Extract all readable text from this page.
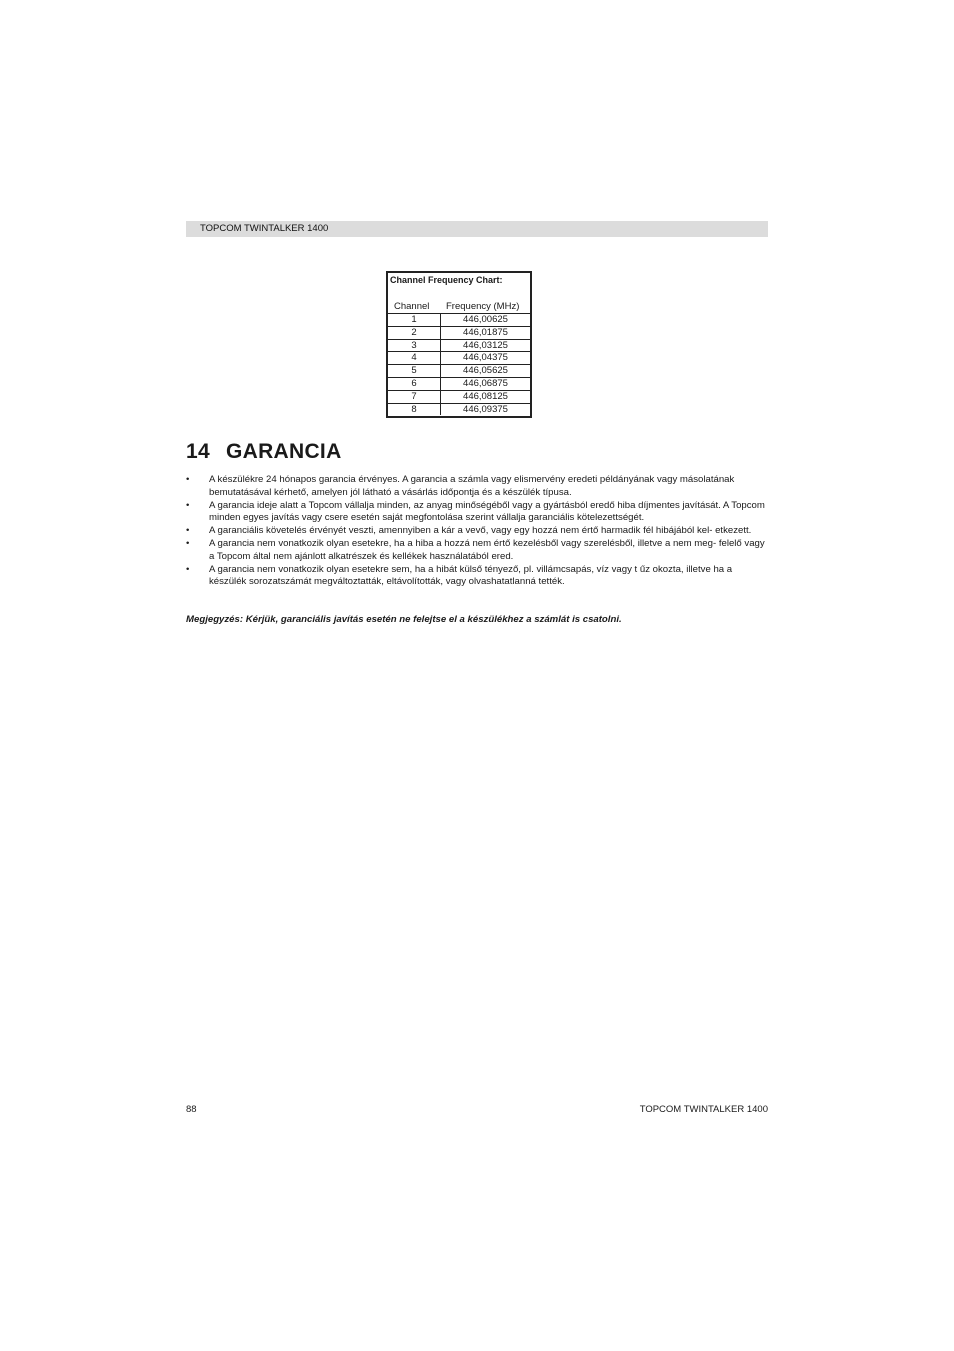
TOPCOM TWINTALKER 1400
Channel Frequency Chart:
Channel Frequency (MHz)
1	446,00625
2	446,01875
3	446,03125
4	446,04375
5	446,05625
6	446,06875
7	446,08125
8	446,09375
14 GARANCIA
• A készülékre 24 hónapos garancia érvényes. A garancia a számla vagy elismervény eredeti példányának vagy másolatának bemutatásával kérhető, amelyen jól látható a vásárlás időpontja és a készülék típusa.
• A garancia ideje alatt a Topcom vállalja minden, az anyag minőségéből vagy a gyártásból eredő hiba díjmentes javítását. A Topcom minden egyes javítás vagy csere esetén saját megfontolása szerint vállalja garanciális kötelezettségét.
• A garanciális követelés érvényét veszti, amennyiben a kár a vevő, vagy egy hozzá nem értő harmadik fél hibájából kel- etkezett.
• A garancia nem vonatkozik olyan esetekre, ha a hiba a hozzá nem értő kezelésből vagy szerelésből, illetve a nem meg- felelő vagy a Topcom által nem ajánlott alkatrészek és kellékek használatából ered.
• A garancia nem vonatkozik olyan esetekre sem, ha a hibát külső tényező, pl. villámcsapás, víz vagy t űz okozta, illetve ha a készülék sorozatszámát megváltoztatták, eltávolították, vagy olvashatatlanná tették.
Megjegyzés: Kérjük, garanciális javítás esetén ne felejtse el a készülékhez a számlát is csatolni.
88	TOPCOM TWINTALKER 1400
